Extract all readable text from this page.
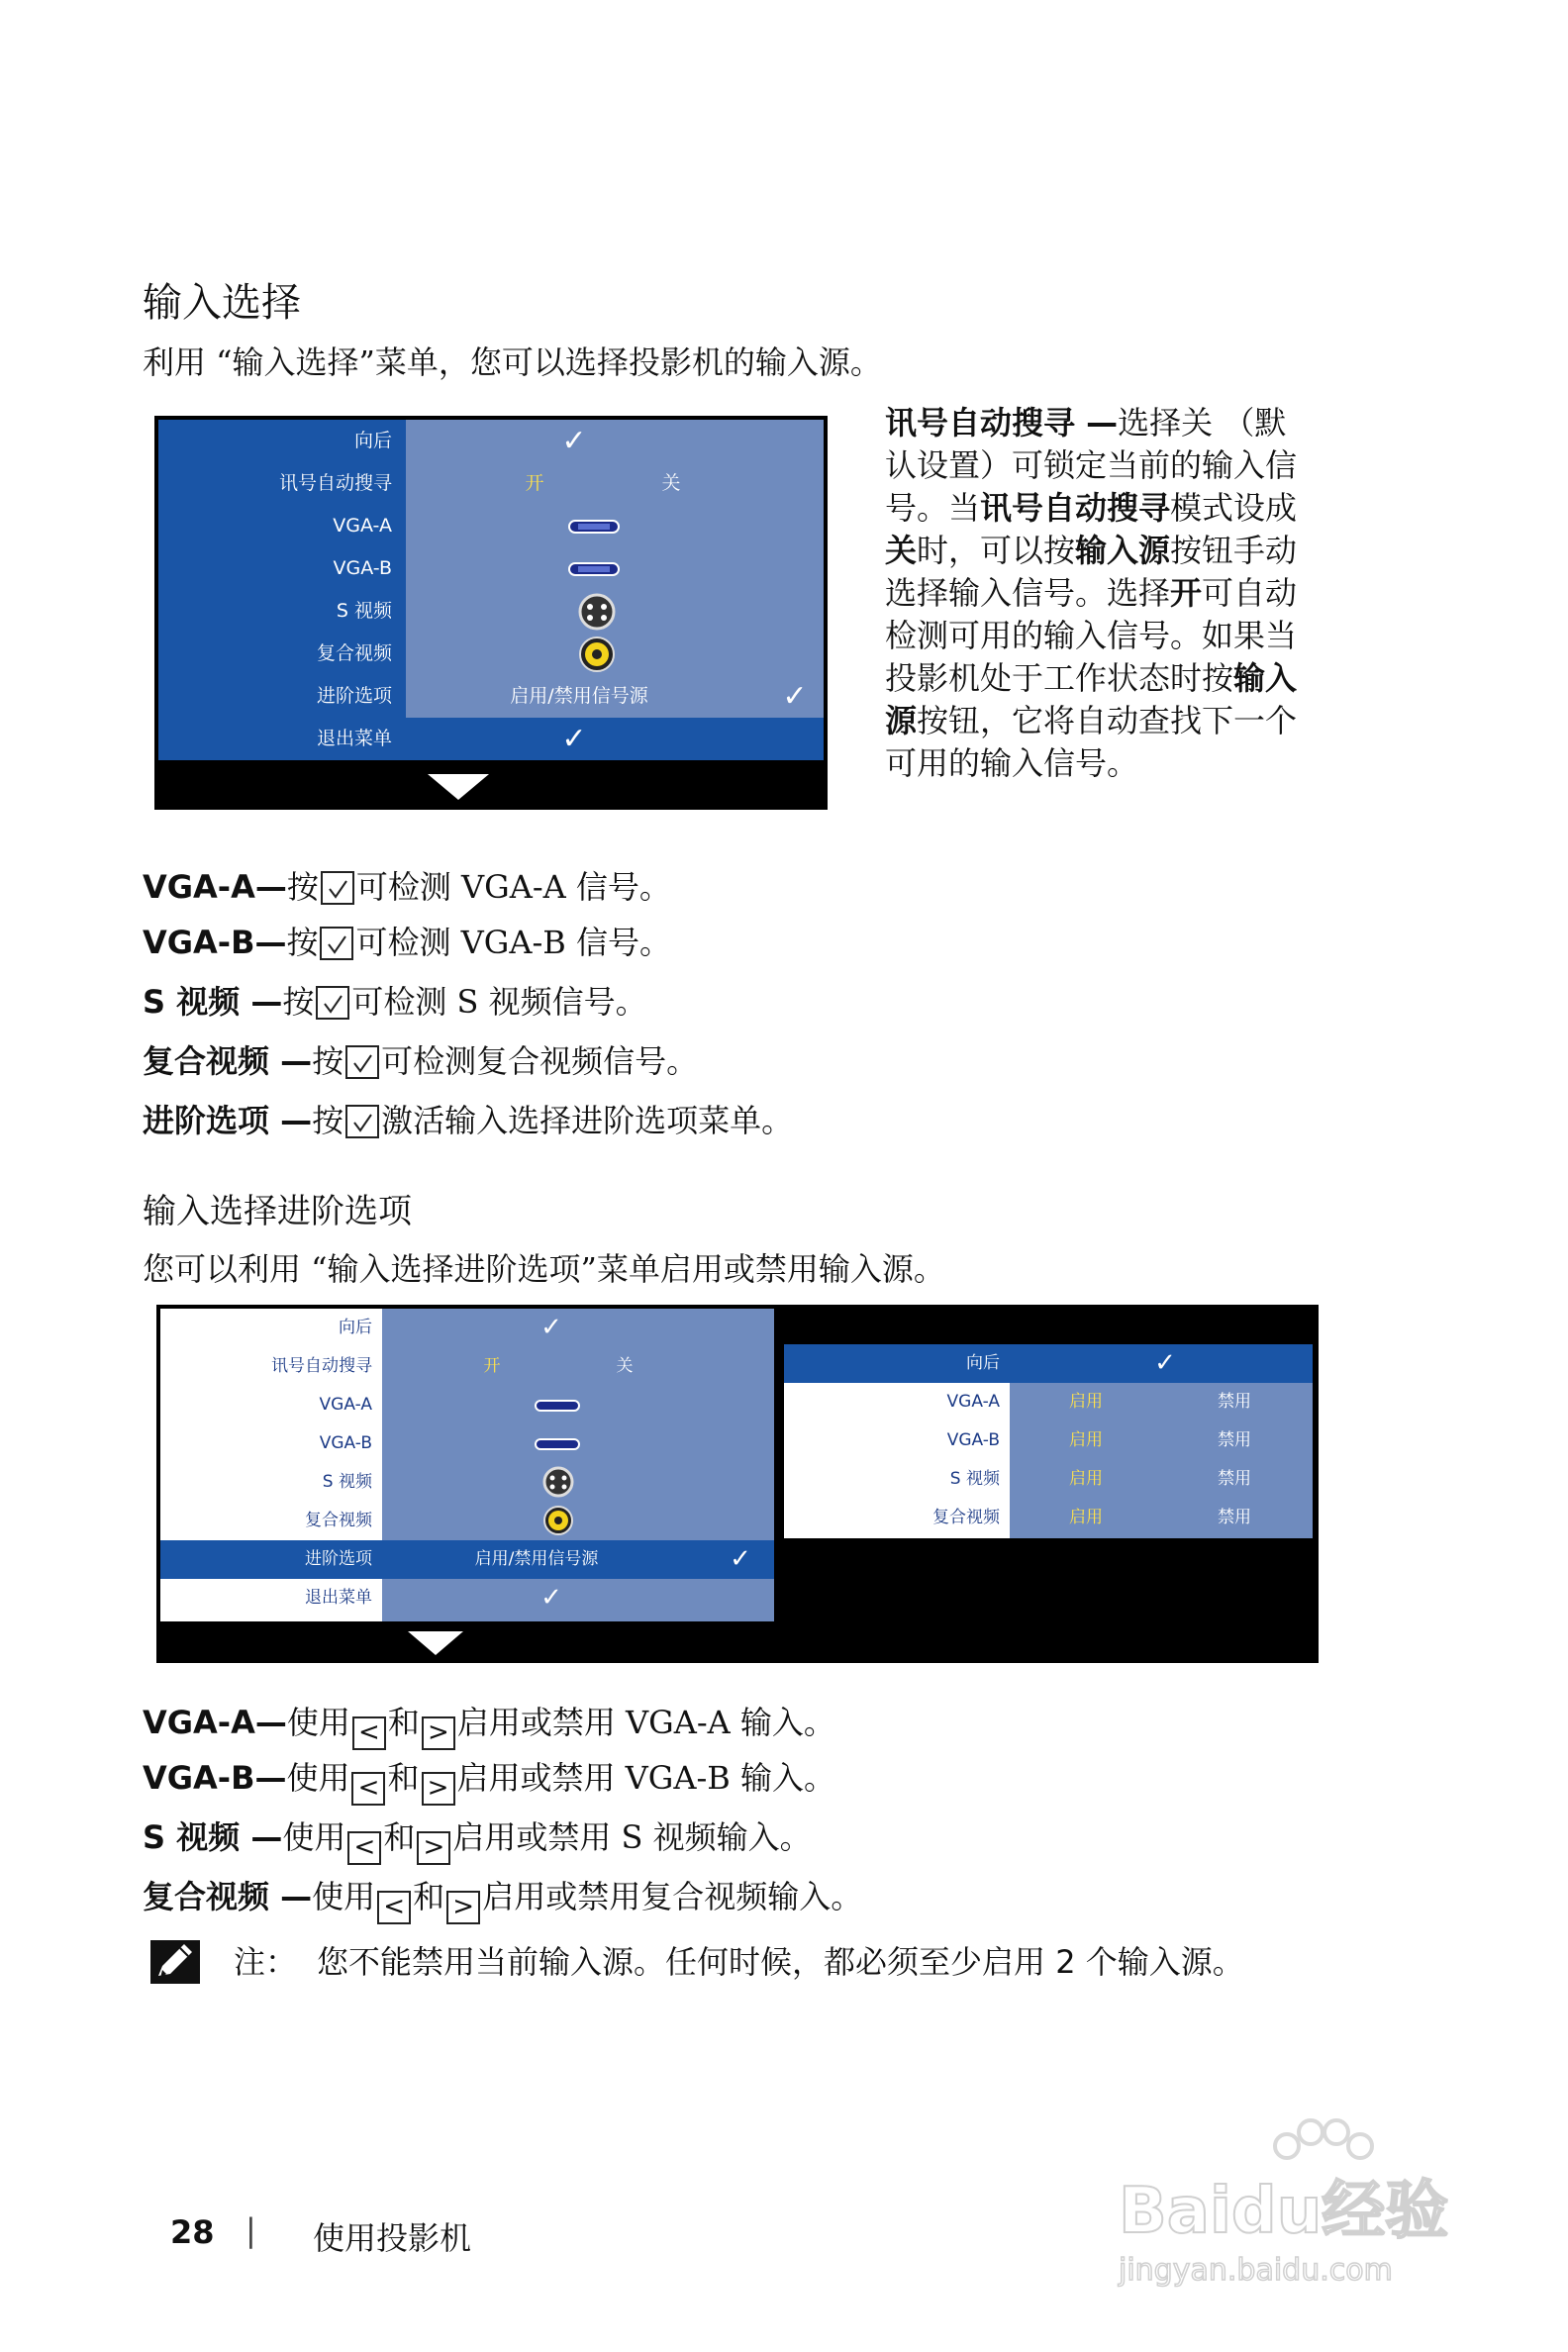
输入选择
利用 “输入选择”菜单，您可以选择投影机的输入源。
向后	✓
讯号自动搜寻	开	关
VGA-A
VGA-B
S 视频
复合视频
进阶选项	启用/禁用信号源	✓
退出菜单	✓
讯号自动搜寻 —选择关 （默
认设置）可锁定当前的输入信
号。当讯号自动搜寻模式设成
关时，可以按输入源按钮手动
选择输入信号。选择开可自动
检测可用的输入信号。如果当
投影机处于工作状态时按输入
源按钮，它将自动查找下一个
可用的输入信号。
VGA-A—按 可检测 VGA-A 信号。
VGA-B—按 可检测 VGA-B 信号。
S 视频 —按 可检测 S 视频信号。
复合视频 —按 可检测复合视频信号。
进阶选项 —按 激活输入选择进阶选项菜单。
输入选择进阶选项
您可以利用 “输入选择进阶选项”菜单启用或禁用输入源。
向后	✓
讯号自动搜寻	开	关
VGA-A
VGA-B
S 视频
复合视频
进阶选项	启用/禁用信号源	✓
退出菜单	✓
向后	✓
VGA-A	启用	禁用
VGA-B	启用	禁用
S 视频	启用	禁用
复合视频	启用	禁用
VGA-A—使用 < 和 > 启用或禁用 VGA-A 输入。
VGA-B—使用 < 和 > 启用或禁用 VGA-B 输入。
S 视频 —使用 < 和 > 启用或禁用 S 视频输入。
复合视频 —使用 < 和 > 启用或禁用复合视频输入。
注： 您不能禁用当前输入源。任何时候，都必须至少启用 2 个输入源。
28 | 使用投影机	Baidu经验
jingyan.baidu.com
